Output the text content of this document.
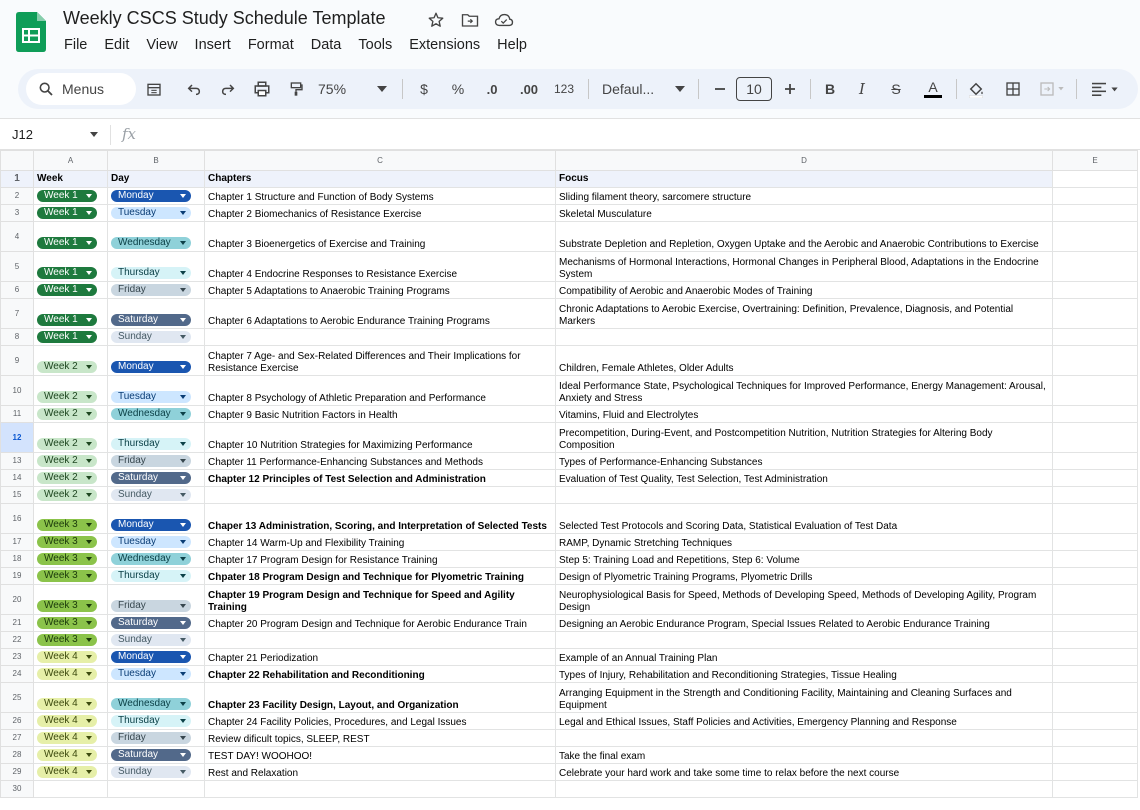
Weekly CSCS Study Schedule Template
File Edit View Insert Format Data Tools Extensions Help
Menus	75%	$	%	.0	.00	123 Defaul...	10	B	I	S	A
J12	fx
	A	B	C	D	E
1	Week	Day	Chapters	Focus	
2	Week 1	Monday	Chapter 1 Structure and Function of Body Systems	Sliding filament theory, sarcomere structure	
3	Week 1	Tuesday	Chapter 2 Biomechanics of Resistance Exercise	Skeletal Musculature	
4	Week 1	Wednesday	Chapter 3 Bioenergetics of Exercise and Training	Substrate Depletion and Repletion, Oxygen Uptake and the Aerobic and Anaerobic Contributions to Exercise	
5	Week 1	Thursday	Chapter 4 Endocrine Responses to Resistance Exercise	Mechanisms of Hormonal Interactions, Hormonal Changes in Peripheral Blood, Adaptations in the Endocrine System	
6	Week 1	Friday	Chapter 5 Adaptations to Anaerobic Training Programs	Compatibility of Aerobic and Anaerobic Modes of Training	
7	Week 1	Saturday	Chapter 6 Adaptations to Aerobic Endurance Training Programs	Chronic Adaptations to Aerobic Exercise, Overtraining: Definition, Prevalence, Diagnosis, and Potential Markers	
8	Week 1	Sunday			

9	Week 2	Monday	Chapter 7 Age- and Sex-Related Differences and Their Implications for Resistance Exercise	Children, Female Athletes, Older Adults	
10	Week 2	Tuesday	Chapter 8 Psychology of Athletic Preparation and Performance	Ideal Performance State, Psychological Techniques for Improved Performance, Energy Management: Arousal, Anxiety and Stress	
11	Week 2	Wednesday	Chapter 9 Basic Nutrition Factors in Health	Vitamins, Fluid and Electrolytes	
12	Week 2	Thursday	Chapter 10 Nutrition Strategies for Maximizing Performance	Precompetition, During-Event, and Postcompetition Nutrition, Nutrition Strategies for Altering Body Composition	
13	Week 2	Friday	Chapter 11 Performance-Enhancing Substances and Methods	Types of Performance-Enhancing Substances	
14	Week 2	Saturday	Chapter 12 Principles of Test Selection and Administration	Evaluation of Test Quality, Test Selection, Test Administration	
15	Week 2	Sunday			

16	Week 3	Monday	Chaper 13 Administration, Scoring, and Interpretation of Selected Tests	Selected Test Protocols and Scoring Data, Statistical Evaluation of Test Data	
17	Week 3	Tuesday	Chapter 14 Warm-Up and Flexibility Training	RAMP, Dynamic Stretching Techniques	
18	Week 3	Wednesday	Chapter 17 Program Design for Resistance Training	Step 5: Training Load and Repetitions, Step 6: Volume	
19	Week 3	Thursday	Chpater 18 Program Design and Technique for Plyometric Training	Design of Plyometric Training Programs, Plyometric Drills	
20	Week 3	Friday	Chapter 19 Program Design and Technique for Speed and Agility Training	Neurophysiological Basis for Speed, Methods of Developing Speed, Methods of Developing Agility, Program Design	
21	Week 3	Saturday	Chapter 20 Program Design and Technique for Aerobic Endurance Train	Designing an Aerobic Endurance Program, Special Issues Related to Aerobic Endurance Training	
22	Week 3	Sunday			

23	Week 4	Monday	Chapter 21 Periodization	Example of an Annual Training Plan	
24	Week 4	Tuesday	Chapter 22 Rehabilitation and Reconditioning	Types of Injury, Rehabilitation and Reconditioning Strategies, Tissue Healing	
25	Week 4	Wednesday	Chapter 23 Facility Design, Layout, and Organization	Arranging Equipment in the Strength and Conditioning Facility, Maintaining and Cleaning Surfaces and Equipment	
26	Week 4	Thursday	Chapter 24 Facility Policies, Procedures, and Legal Issues	Legal and Ethical Issues, Staff Policies and Activities, Emergency Planning and Response	
27	Week 4	Friday	Review dificult topics, SLEEP, REST		
28	Week 4	Saturday	TEST DAY! WOOHOO!	Take the final exam	
29	Week 4	Sunday	Rest and Relaxation	Celebrate your hard work and take some time to relax before the next course	
30					
